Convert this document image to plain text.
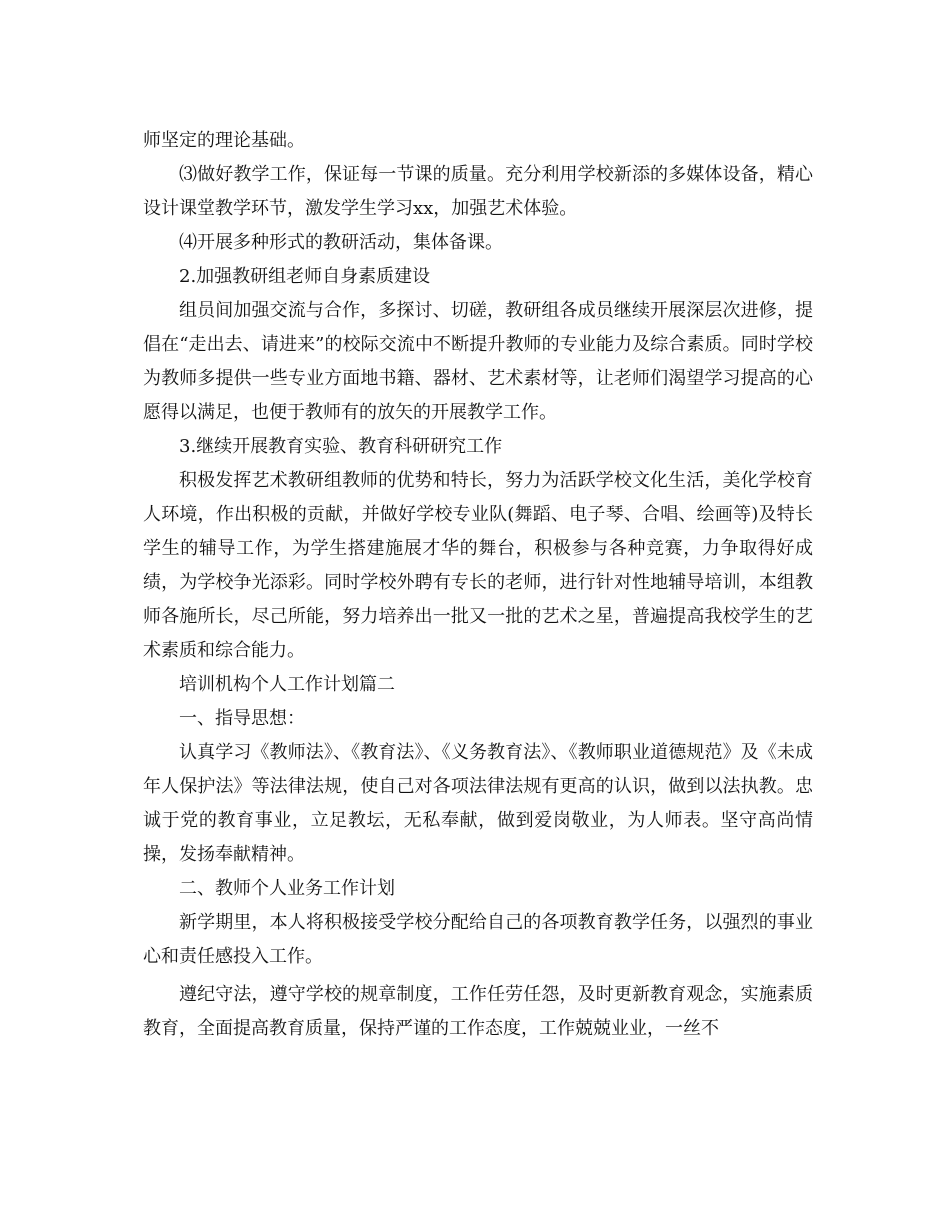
师坚定的理论基础。

⑶做好教学工作，保证每一节课的质量。充分利用学校新添的多媒体设备，精心设计课堂教学环节，激发学生学习xx，加强艺术体验。

⑷开展多种形式的教研活动，集体备课。

2.加强教研组老师自身素质建设

组员间加强交流与合作，多探讨、切磋，教研组各成员继续开展深层次进修，提倡在“走出去、请进来”的校际交流中不断提升教师的专业能力及综合素质。同时学校为教师多提供一些专业方面地书籍、器材、艺术素材等，让老师们渴望学习提高的心愿得以满足，也便于教师有的放矢的开展教学工作。

3.继续开展教育实验、教育科研研究工作

积极发挥艺术教研组教师的优势和特长，努力为活跃学校文化生活，美化学校育人环境，作出积极的贡献，并做好学校专业队(舞蹈、电子琴、合唱、绘画等)及特长学生的辅导工作，为学生搭建施展才华的舞台，积极参与各种竞赛，力争取得好成绩，为学校争光添彩。同时学校外聘有专长的老师，进行针对性地辅导培训，本组教师各施所长，尽己所能，努力培养出一批又一批的艺术之星，普遍提高我校学生的艺术素质和综合能力。

培训机构个人工作计划篇二

一、指导思想：

认真学习《教师法》、《教育法》、《义务教育法》、《教师职业道德规范》及《未成年人保护法》等法律法规，使自己对各项法律法规有更高的认识，做到以法执教。忠诚于党的教育事业，立足教坛，无私奉献，做到爱岗敬业，为人师表。坚守高尚情操，发扬奉献精神。

二、教师个人业务工作计划

新学期里，本人将积极接受学校分配给自己的各项教育教学任务，以强烈的事业心和责任感投入工作。

遵纪守法，遵守学校的规章制度，工作任劳任怨，及时更新教育观念，实施素质教育，全面提高教育质量，保持严谨的工作态度，工作兢兢业业，一丝不
